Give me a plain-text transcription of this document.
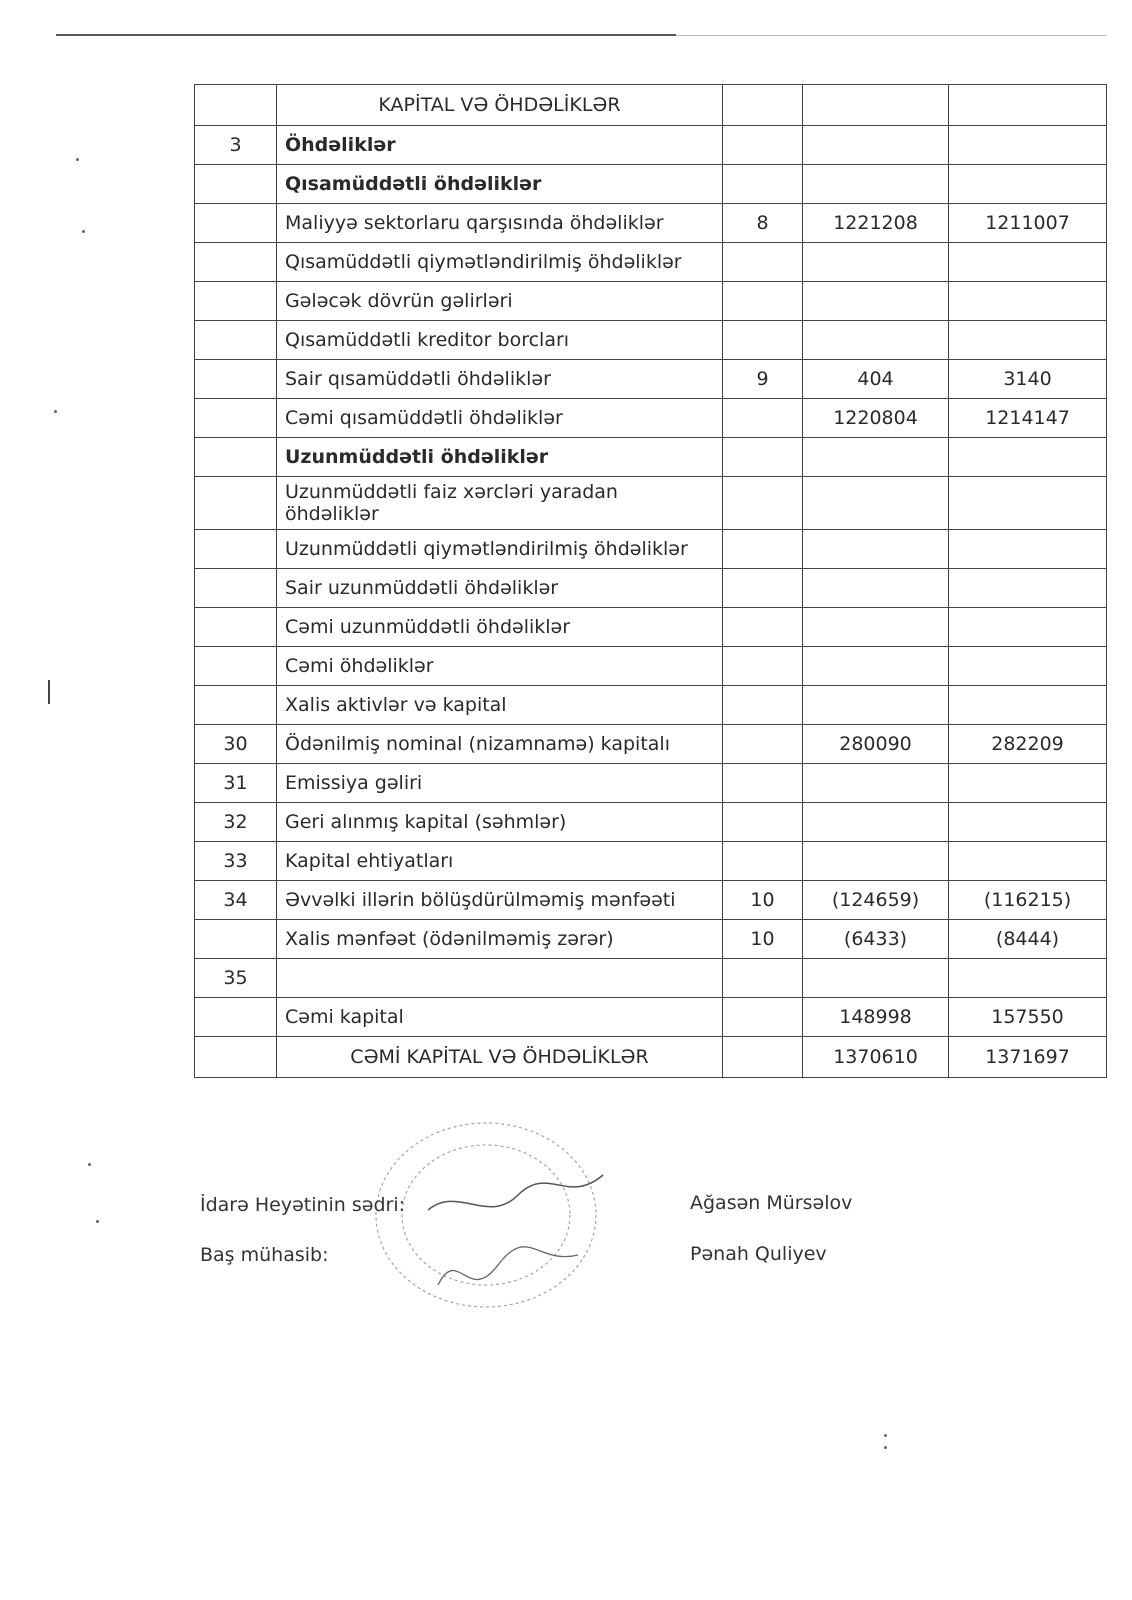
	KAPİTAL VƏ ÖHDƏLİKLƏR			
3	Öhdəliklər			
	Qısamüddətli öhdəliklər			
	Maliyyə sektorlaru qarşısında öhdəliklər	8	1221208	1211007
	Qısamüddətli qiymətləndirilmiş öhdəliklər			
	Gələcək dövrün gəlirləri			
	Qısamüddətli kreditor borcları			
	Sair qısamüddətli öhdəliklər	9	404	3140
	Cəmi qısamüddətli öhdəliklər		1220804	1214147
	Uzunmüddətli öhdəliklər			
	Uzunmüddətli faiz xərcləri yaradan öhdəliklər			
	Uzunmüddətli qiymətləndirilmiş öhdəliklər			
	Sair uzunmüddətli öhdəliklər			
	Cəmi uzunmüddətli öhdəliklər			
	Cəmi öhdəliklər			
	Xalis aktivlər və kapital			
30	Ödənilmiş nominal (nizamnamə) kapitalı		280090	282209
31	Emissiya gəliri			
32	Geri alınmış kapital (səhmlər)			
33	Kapital ehtiyatları			
34	Əvvəlki illərin bölüşdürülməmiş mənfəəti	10	(124659)	(116215)
	Xalis mənfəət (ödənilməmiş zərər)	10	(6433)	(8444)
35				
	Cəmi kapital		148998	157550
	CƏMİ KAPİTAL VƏ ÖHDƏLİKLƏR		1370610	1371697
İdarə Heyətinin sədri:	Ağasən Mürsəlov
Baş mühasib:	Pənah Quliyev
